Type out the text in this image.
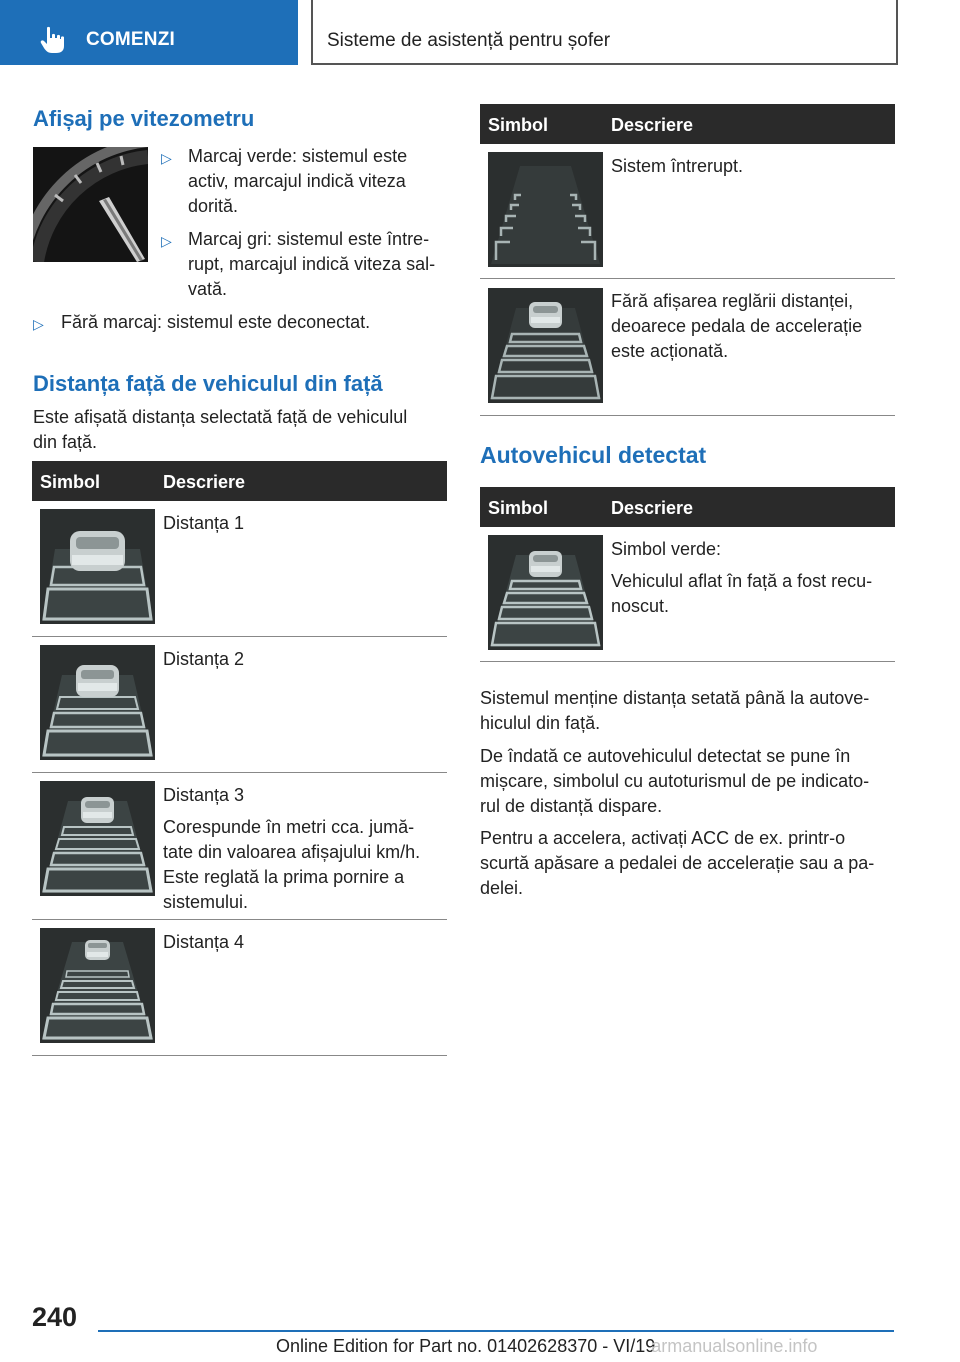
COMENZI	Sisteme de asistență pentru șofer
Afișaj pe vitezometru
▷ Marcaj verde: sistemul este
activ, marcajul indică viteza
dorită.
▷ Marcaj gri: sistemul este între‐
rupt, marcajul indică viteza sal‐
vată.
▷ Fără marcaj: sistemul este deconectat.
Distanța față de vehiculul din față
Este afișată distanța selectată față de vehiculul
din față.
Simbol	Descriere
Distanța 1
Distanța 2
Distanța 3
Corespunde în metri cca. jumă‐
tate din valoarea afișajului km/h.
Este reglată la prima pornire a
sistemului.
Distanța 4
Simbol	Descriere
Sistem întrerupt.
Fără afișarea reglării distanței,
deoarece pedala de accelerație
este acționată.
Autovehicul detectat
Simbol	Descriere
Simbol verde:
Vehiculul aflat în față a fost recu‐
noscut.
Sistemul menține distanța setată până la autove‐
hiculul din față.
De îndată ce autovehiculul detectat se pune în
mișcare, simbolul cu autoturismul de pe indicato‐
rul de distanță dispare.
Pentru a accelera, activați ACC de ex. printr-o
scurtă apăsare a pedalei de accelerație sau a pa‐
delei.
240
Online Edition for Part no. 01402628370 - VI/19armanualsonline.info
